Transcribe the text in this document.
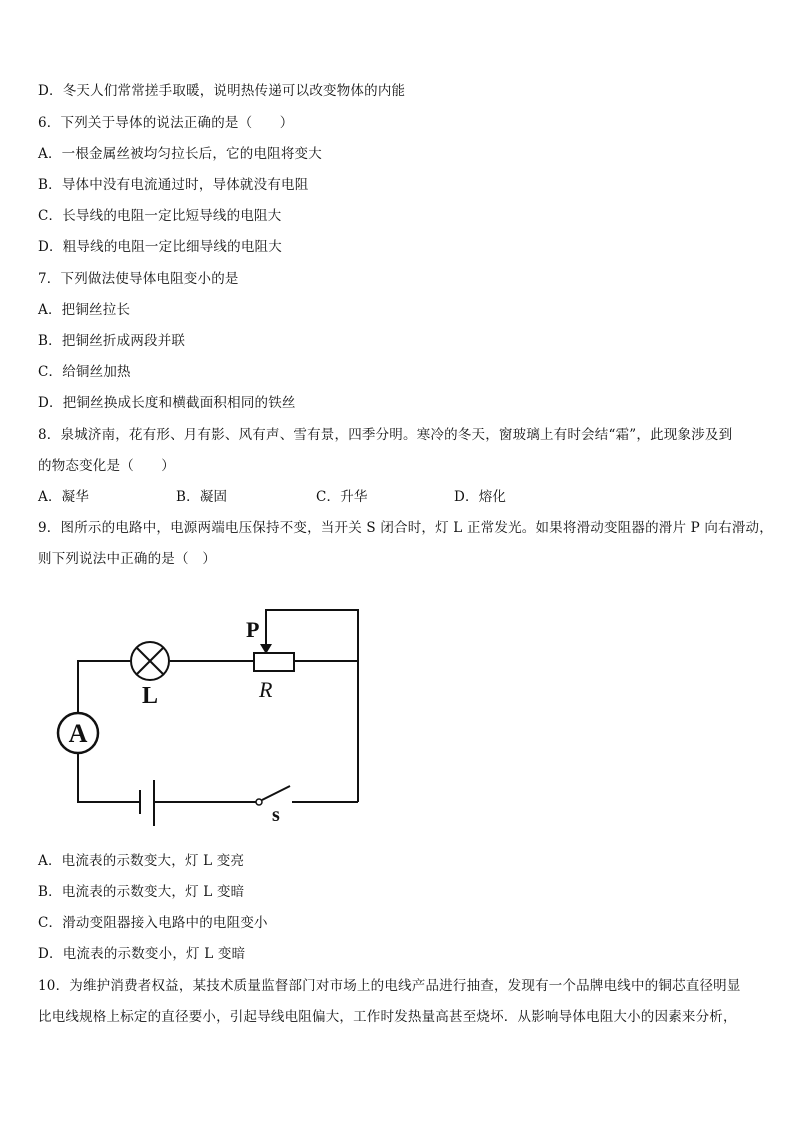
D．冬天人们常常搓手取暖，说明热传递可以改变物体的内能
6．下列关于导体的说法正确的是（　　）
A．一根金属丝被均匀拉长后，它的电阻将变大
B．导体中没有电流通过时，导体就没有电阻
C．长导线的电阻一定比短导线的电阻大
D．粗导线的电阻一定比细导线的电阻大
7．下列做法使导体电阻变小的是
A．把铜丝拉长
B．把铜丝折成两段并联
C．给铜丝加热
D．把铜丝换成长度和横截面积相同的铁丝
8．泉城济南，花有形、月有影、风有声、雪有景，四季分明。寒冷的冬天，窗玻璃上有时会结“霜”，此现象涉及到
的物态变化是（　　）
A．凝华	B．凝固	C．升华	D．熔化
9．图所示的电路中，电源两端电压保持不变，当开关 S 闭合时，灯 L 正常发光。如果将滑动变阻器的滑片 P 向右滑动，
则下列说法中正确的是（　）
P
L	R
A
s
A．电流表的示数变大，灯 L 变亮
B．电流表的示数变大，灯 L 变暗
C．滑动变阻器接入电路中的电阻变小
D．电流表的示数变小，灯 L 变暗
10．为维护消费者权益，某技术质量监督部门对市场上的电线产品进行抽查，发现有一个品牌电线中的铜芯直径明显
比电线规格上标定的直径要小，引起导线电阻偏大，工作时发热量高甚至烧坏．从影响导体电阻大小的因素来分析，
